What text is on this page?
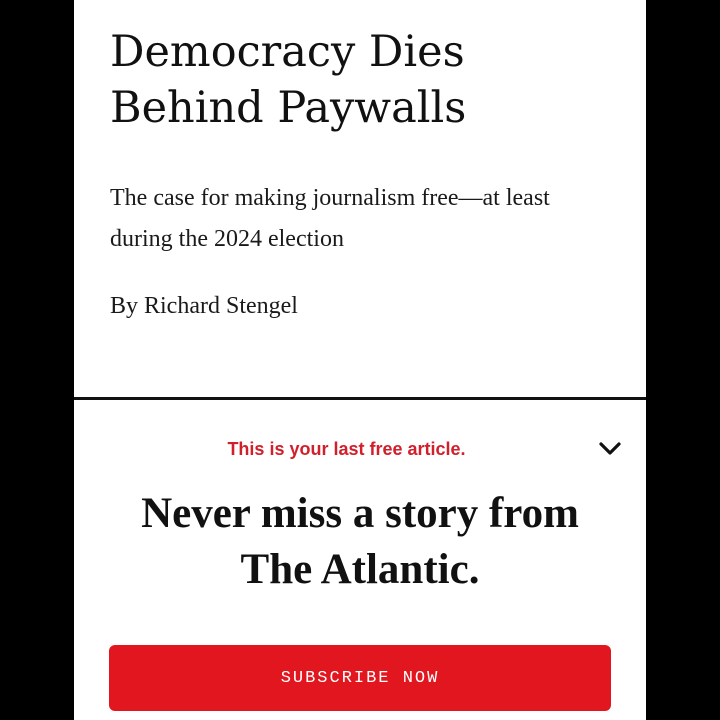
Democracy Dies Behind Paywalls

The case for making journalism free—at least during the 2024 election

By Richard Stengel

This is your last free article.
Never miss a story from The Atlantic.
SUBSCRIBE NOW
